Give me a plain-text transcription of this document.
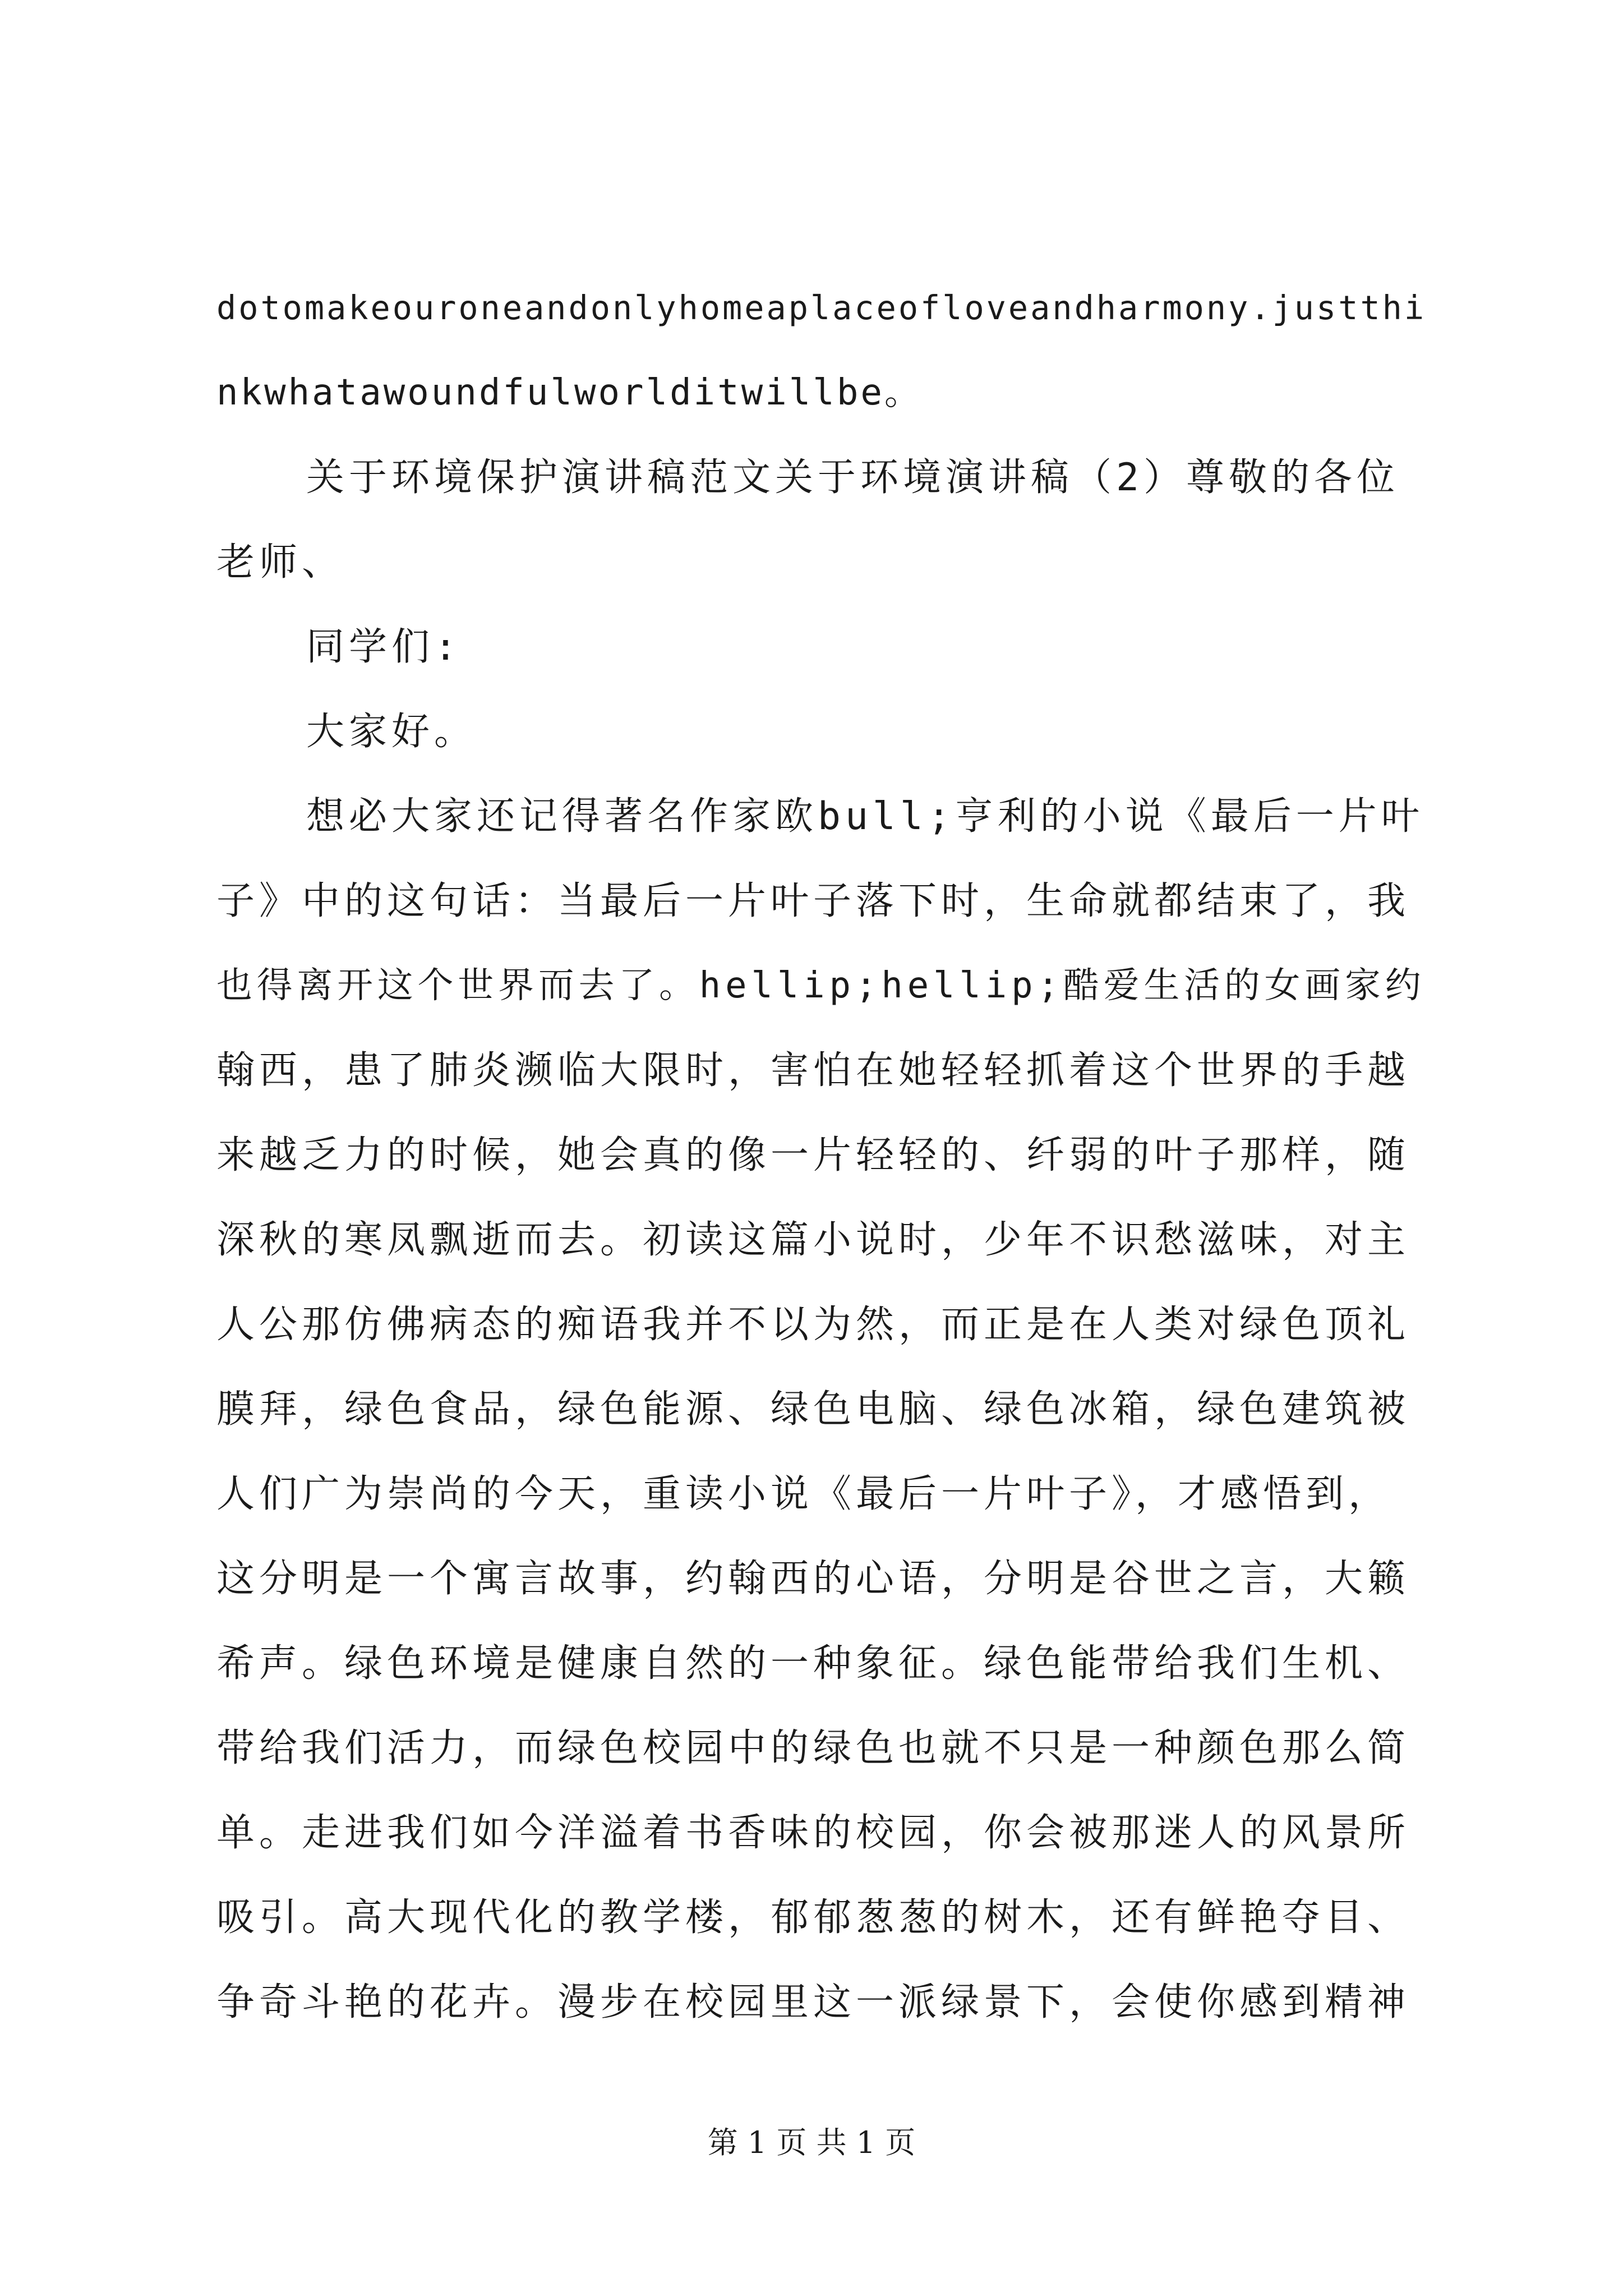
dotomakeouroneandonlyhomeaplaceofloveandharmony.justthi
nkwhatawoundfulworlditwillbe。
关于环境保护演讲稿范文关于环境演讲稿（2）尊敬的各位
老师、
同学们:
大家好。
想必大家还记得著名作家欧bull;亨利的小说《最后一片叶
子》中的这句话：当最后一片叶子落下时，生命就都结束了，我
也得离开这个世界而去了。hellip;hellip;酷爱生活的女画家约
翰西，患了肺炎濒临大限时，害怕在她轻轻抓着这个世界的手越
来越乏力的时候，她会真的像一片轻轻的、纤弱的叶子那样，随
深秋的寒凤飘逝而去。初读这篇小说时，少年不识愁滋味，对主
人公那仿佛病态的痴语我并不以为然，而正是在人类对绿色顶礼
膜拜，绿色食品，绿色能源、绿色电脑、绿色冰箱，绿色建筑被
人们广为崇尚的今天，重读小说《最后一片叶子》，才感悟到，
这分明是一个寓言故事，约翰西的心语，分明是谷世之言，大籁
希声。绿色环境是健康自然的一种象征。绿色能带给我们生机、
带给我们活力，而绿色校园中的绿色也就不只是一种颜色那么简
单。走进我们如今洋溢着书香味的校园，你会被那迷人的风景所
吸引。高大现代化的教学楼，郁郁葱葱的树木，还有鲜艳夺目、
争奇斗艳的花卉。漫步在校园里这一派绿景下，会使你感到精神
第 1 页 共 1 页
